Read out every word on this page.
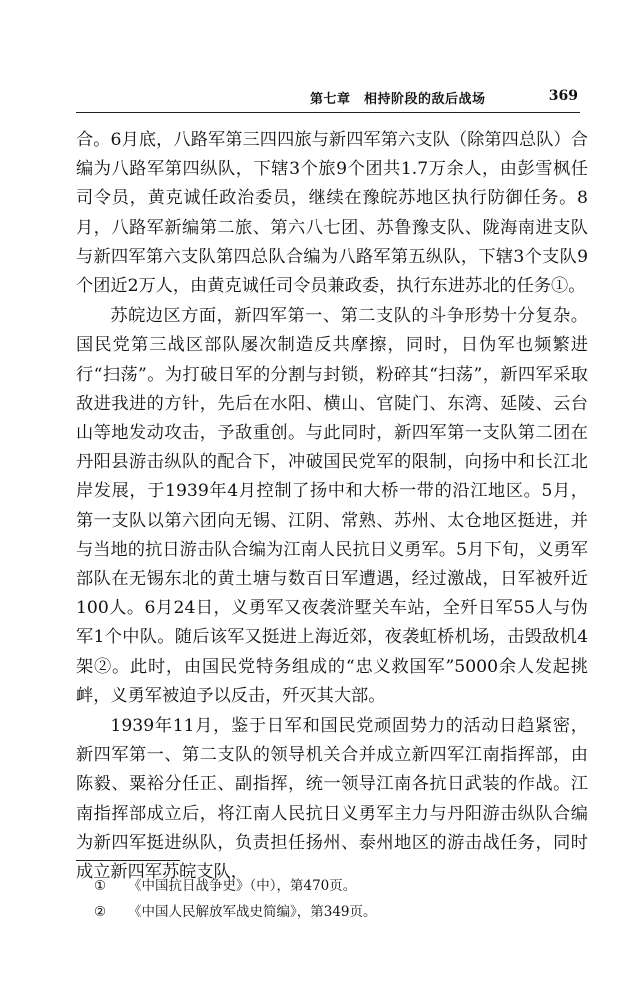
第七章　相持阶段的敌后战场	369

合。6月底，八路军第三四四旅与新四军第六支队（除第四总队）合编为八路军第四纵队，下辖3个旅9个团共1.7万余人，由彭雪枫任司令员，黄克诚任政治委员，继续在豫皖苏地区执行防御任务。8月，八路军新编第二旅、第六八七团、苏鲁豫支队、陇海南进支队与新四军第六支队第四总队合编为八路军第五纵队，下辖3个支队9个团近2万人，由黄克诚任司令员兼政委，执行东进苏北的任务①。

苏皖边区方面，新四军第一、第二支队的斗争形势十分复杂。国民党第三战区部队屡次制造反共摩擦，同时，日伪军也频繁进行“扫荡”。为打破日军的分割与封锁，粉碎其“扫荡”，新四军采取敌进我进的方针，先后在水阳、横山、官陡门、东湾、延陵、云台山等地发动攻击，予敌重创。与此同时，新四军第一支队第二团在丹阳县游击纵队的配合下，冲破国民党军的限制，向扬中和长江北岸发展，于1939年4月控制了扬中和大桥一带的沿江地区。5月，第一支队以第六团向无锡、江阴、常熟、苏州、太仓地区挺进，并与当地的抗日游击队合编为江南人民抗日义勇军。5月下旬，义勇军部队在无锡东北的黄土塘与数百日军遭遇，经过激战，日军被歼近100人。6月24日，义勇军又夜袭浒墅关车站，全歼日军55人与伪军1个中队。随后该军又挺进上海近郊，夜袭虹桥机场，击毁敌机4架②。此时，由国民党特务组成的“忠义救国军”5000余人发起挑衅，义勇军被迫予以反击，歼灭其大部。

1939年11月，鉴于日军和国民党顽固势力的活动日趋紧密，新四军第一、第二支队的领导机关合并成立新四军江南指挥部，由陈毅、粟裕分任正、副指挥，统一领导江南各抗日武装的作战。江南指挥部成立后，将江南人民抗日义勇军主力与丹阳游击纵队合编为新四军挺进纵队，负责担任扬州、泰州地区的游击战任务，同时成立新四军苏皖支队，

① 《中国抗日战争史》（中），第470页。
② 《中国人民解放军战史简编》，第349页。
